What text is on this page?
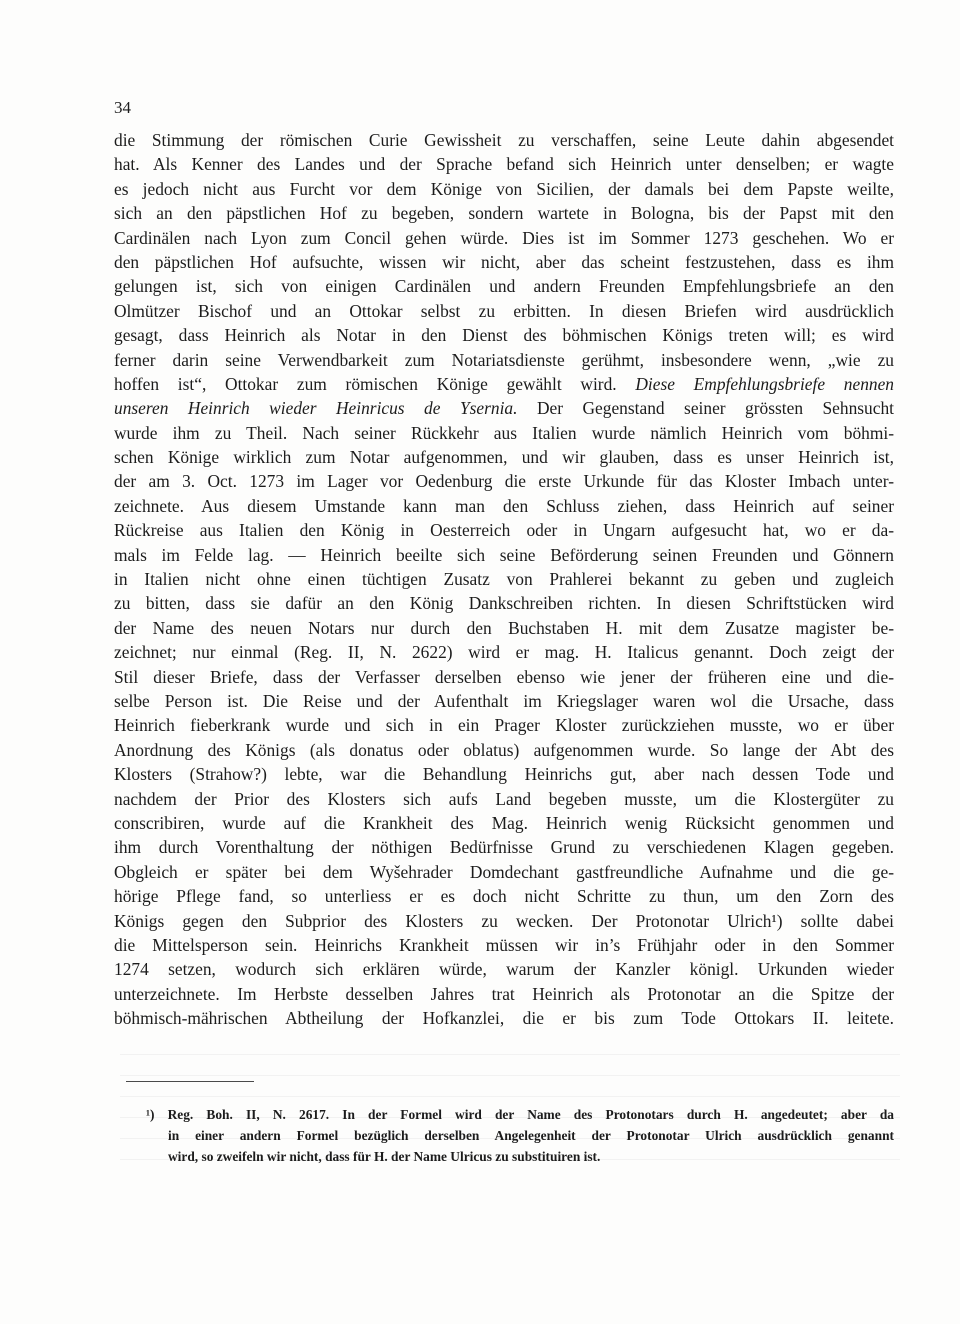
34
die Stimmung der römischen Curie Gewissheit zu verschaffen, seine Leute dahin abgesendet
hat. Als Kenner des Landes und der Sprache befand sich Heinrich unter denselben; er wagte
es jedoch nicht aus Furcht vor dem Könige von Sicilien, der damals bei dem Papste weilte,
sich an den päpstlichen Hof zu begeben, sondern wartete in Bologna, bis der Papst mit den
Cardinälen nach Lyon zum Concil gehen würde. Dies ist im Sommer 1273 geschehen. Wo er
den päpstlichen Hof aufsuchte, wissen wir nicht, aber das scheint festzustehen, dass es ihm
gelungen ist, sich von einigen Cardinälen und andern Freunden Empfehlungsbriefe an den
Olmützer Bischof und an Ottokar selbst zu erbitten. In diesen Briefen wird ausdrücklich
gesagt, dass Heinrich als Notar in den Dienst des böhmischen Königs treten will; es wird
ferner darin seine Verwendbarkeit zum Notariatsdienste gerühmt, insbesondere wenn, „wie zu
hoffen ist“, Ottokar zum römischen Könige gewählt wird. Diese Empfehlungsbriefe nennen
unseren Heinrich wieder Heinricus de Ysernia. Der Gegenstand seiner grössten Sehnsucht
wurde ihm zu Theil. Nach seiner Rückkehr aus Italien wurde nämlich Heinrich vom böhmi-
schen Könige wirklich zum Notar aufgenommen, und wir glauben, dass es unser Heinrich ist,
der am 3. Oct. 1273 im Lager vor Oedenburg die erste Urkunde für das Kloster Imbach unter-
zeichnete. Aus diesem Umstande kann man den Schluss ziehen, dass Heinrich auf seiner
Rückreise aus Italien den König in Oesterreich oder in Ungarn aufgesucht hat, wo er da-
mals im Felde lag. — Heinrich beeilte sich seine Beförderung seinen Freunden und Gönnern
in Italien nicht ohne einen tüchtigen Zusatz von Prahlerei bekannt zu geben und zugleich
zu bitten, dass sie dafür an den König Dankschreiben richten. In diesen Schriftstücken wird
der Name des neuen Notars nur durch den Buchstaben H. mit dem Zusatze magister be-
zeichnet; nur einmal (Reg. II, N. 2622) wird er mag. H. Italicus genannt. Doch zeigt der
Stil dieser Briefe, dass der Verfasser derselben ebenso wie jener der früheren eine und die-
selbe Person ist. Die Reise und der Aufenthalt im Kriegslager waren wol die Ursache, dass
Heinrich fieberkrank wurde und sich in ein Prager Kloster zurückziehen musste, wo er über
Anordnung des Königs (als donatus oder oblatus) aufgenommen wurde. So lange der Abt des
Klosters (Strahow?) lebte, war die Behandlung Heinrichs gut, aber nach dessen Tode und
nachdem der Prior des Klosters sich aufs Land begeben musste, um die Klostergüter zu
conscribiren, wurde auf die Krankheit des Mag. Heinrich wenig Rücksicht genommen und
ihm durch Vorenthaltung der nöthigen Bedürfnisse Grund zu verschiedenen Klagen gegeben.
Obgleich er später bei dem Wyšehrader Domdechant gastfreundliche Aufnahme und die ge-
hörige Pflege fand, so unterliess er es doch nicht Schritte zu thun, um den Zorn des
Königs gegen den Subprior des Klosters zu wecken. Der Protonotar Ulrich¹) sollte dabei
die Mittelsperson sein. Heinrichs Krankheit müssen wir in’s Frühjahr oder in den Sommer
1274 setzen, wodurch sich erklären würde, warum der Kanzler königl. Urkunden wieder
unterzeichnete. Im Herbste desselben Jahres trat Heinrich als Protonotar an die Spitze der
böhmisch-mährischen Abtheilung der Hofkanzlei, die er bis zum Tode Ottokars II. leitete.
¹) Reg. Boh. II, N. 2617. In der Formel wird der Name des Protonotars durch H. angedeutet; aber da
in einer andern Formel bezüglich derselben Angelegenheit der Protonotar Ulrich ausdrücklich genannt
wird, so zweifeln wir nicht, dass für H. der Name Ulricus zu substituiren ist.
